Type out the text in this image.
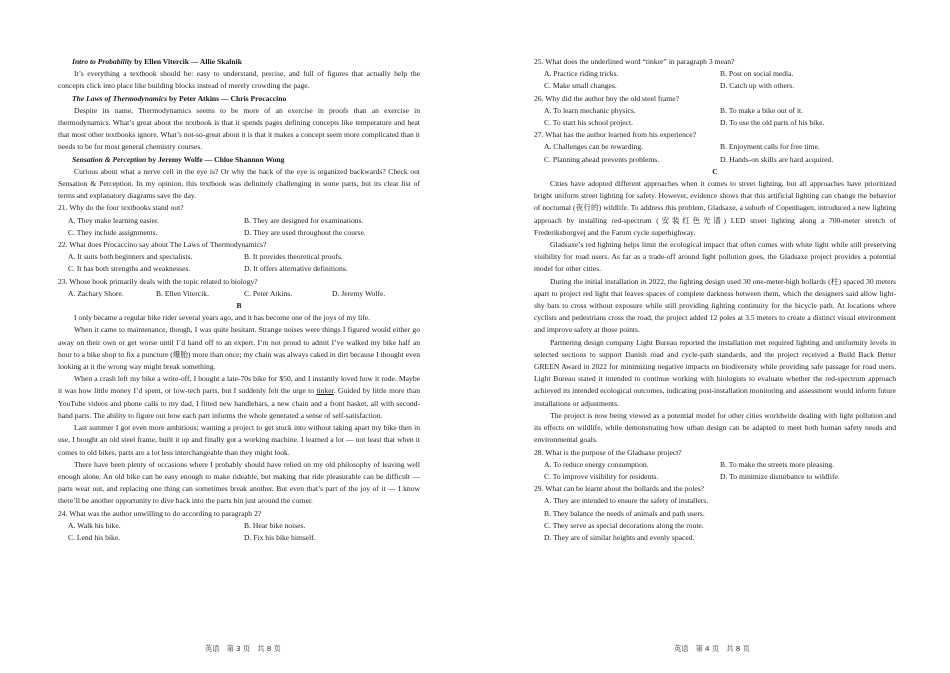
Intro to Probability by Ellen Vitercik — Allie Skalnik

It’s everything a textbook should be: easy to understand, precise, and full of figures that actually help the concepts click into place like building blocks instead of merely crowding the page.

The Laws of Thermodynamics by Peter Atkins — Chris Procaccino

Despite its name, Thermodynamics seems to be more of an exercise in proofs than an exercise in thermodynamics. What’s great about the textbook is that it spends pages defining concepts like temperature and heat that most other textbooks ignore. What’s not-so-great about it is that it makes a concept seem more complicated than it needs to be for most general chemistry courses.

Sensation & Perception by Jeremy Wolfe — Chloe Shannon Wong

Curious about what a nerve cell in the eye is? Or why the back of the eye is organized backwards? Check out Sensation & Perception. In my opinion, this textbook was definitely challenging in some parts, but its clear list of terms and explanatory diagrams save the day.

21. Why do the four textbooks stand out?

A. They make learning easier.	B. They are designed for examinations.
C. They include assignments.	D. They are used throughout the course.

22. What does Procaccino say about The Laws of Thermodynamics?

A. It suits both beginners and specialists.	B. It provides theoretical proofs.
C. It has both strengths and weaknesses.	D. It offers alternative definitions.

23. Whose book primarily deals with the topic related to biology?

A. Zachary Shore.	B. Ellen Vitercik.	C. Peter Atkins.	D. Jeremy Wolfe.

B

I only became a regular bike rider several years ago, and it has become one of the joys of my life.

When it came to maintenance, though, I was quite hesitant. Strange noises were things I figured would either go away on their own or get worse until I’d hand off to an expert. I’m not proud to admit I’ve walked my bike half an hour to a bike shop to fix a puncture (爆胎) more than once; my chain was always caked in dirt because I thought even looking at it the wrong way might break something.

When a crash left my bike a write-off, I bought a late-70s bike for $50, and I instantly loved how it rode. Maybe it was how little money I’d spent, or low-tech parts, but I suddenly felt the urge to tinker. Guided by little more than YouTube videos and phone calls to my dad, I fitted new handlebars, a new chain and a front basket, all with second-hand parts. The ability to figure out how each part informs the whole generated a sense of self-satisfaction.

Last summer I got even more ambitious; wanting a project to get stuck into without taking apart my bike then in use, I bought an old steel frame, built it up and finally got a working machine. I learned a lot — not least that when it comes to old bikes, parts are a lot less interchangeable than they might look.

There have been plenty of occasions where I probably should have relied on my old philosophy of leaving well enough alone. An old bike can be easy enough to make rideable, but making that ride pleasurable can be difficult — parts wear out, and replacing one thing can sometimes break another. But even that’s part of the joy of it — I know there’ll be another opportunity to dive back into the parts bin just around the corner.

24. What was the author unwilling to do according to paragraph 2?

A. Walk his bike.	B. Hear bike noises.
C. Lend his bike.	D. Fix his bike himself.

25. What does the underlined word “tinker” in paragraph 3 mean?

A. Practice riding tricks.	B. Post on social media.
C. Make small changes.	D. Catch up with others.

26. Why did the author buy the old steel frame?

A. To learn mechanic physics.	B. To make a bike out of it.
C. To start his school project.	D. To use the old parts of his bike.

27. What has the author learned from his experience?

A. Challenges can be rewarding.	B. Enjoyment calls for free time.
C. Planning ahead prevents problems.	D. Hands-on skills are hard acquired.

C

Cities have adopted different approaches when it comes to street lighting, but all approaches have prioritized bright uniform street lighting for safety. However, evidence shows that this artificial lighting can change the behavior of nocturnal (夜行的) wildlife. To address this problem, Gladsaxe, a suburb of Copenhagen, introduced a new lighting approach by installing red-spectrum (安装红色光谱) LED street lighting along a 700-meter stretch of Frederiksborgvej and the Farum cycle superhighway.

Gladsaxe’s red lighting helps limit the ecological impact that often comes with white light while still preserving visibility for road users. As far as a trade-off around light pollution goes, the Gladsaxe project provides a potential model for other cities.

During the initial installation in 2022, the lighting design used 30 one-meter-high bollards (柱) spaced 30 meters apart to project red light that leaves spaces of complete darkness between them, which the designers said allow light-shy bats to cross without exposure while still providing lighting continuity for the bicycle path. At locations where cyclists and pedestrians cross the road, the project added 12 poles at 3.5 meters to create a distinct visual environment and improve safety at those points.

Partnering design company Light Bureau reported the installation met required lighting and uniformity levels in selected sections to support Danish road and cycle-path standards, and the project received a Build Back Better GREEN Award in 2022 for minimizing negative impacts on biodiversity while providing safe passage for road users. Light Bureau stated it intended to continue working with biologists to evaluate whether the red-spectrum approach achieved its intended ecological outcomes, indicating post-installation monitoring and assessment would inform future installations or adjustments.

The project is now being viewed as a potential model for other cities worldwide dealing with light pollution and its effects on wildlife, while demonstrating how urban design can be adapted to meet both human safety needs and environmental goals.

28. What is the purpose of the Gladsaxe project?

A. To reduce energy consumption.	B. To make the streets more pleasing.
C. To improve visibility for residents.	D. To minimize disturbance to wildlife.

29. What can be learnt about the bollards and the poles?

A. They are intended to ensure the safety of installers.
B. They balance the needs of animals and path users.
C. They serve as special decorations along the route.
D. They are of similar heights and evenly spaced.
英语　第 3 页　共 8 页	英语　第 4 页　共 8 页
